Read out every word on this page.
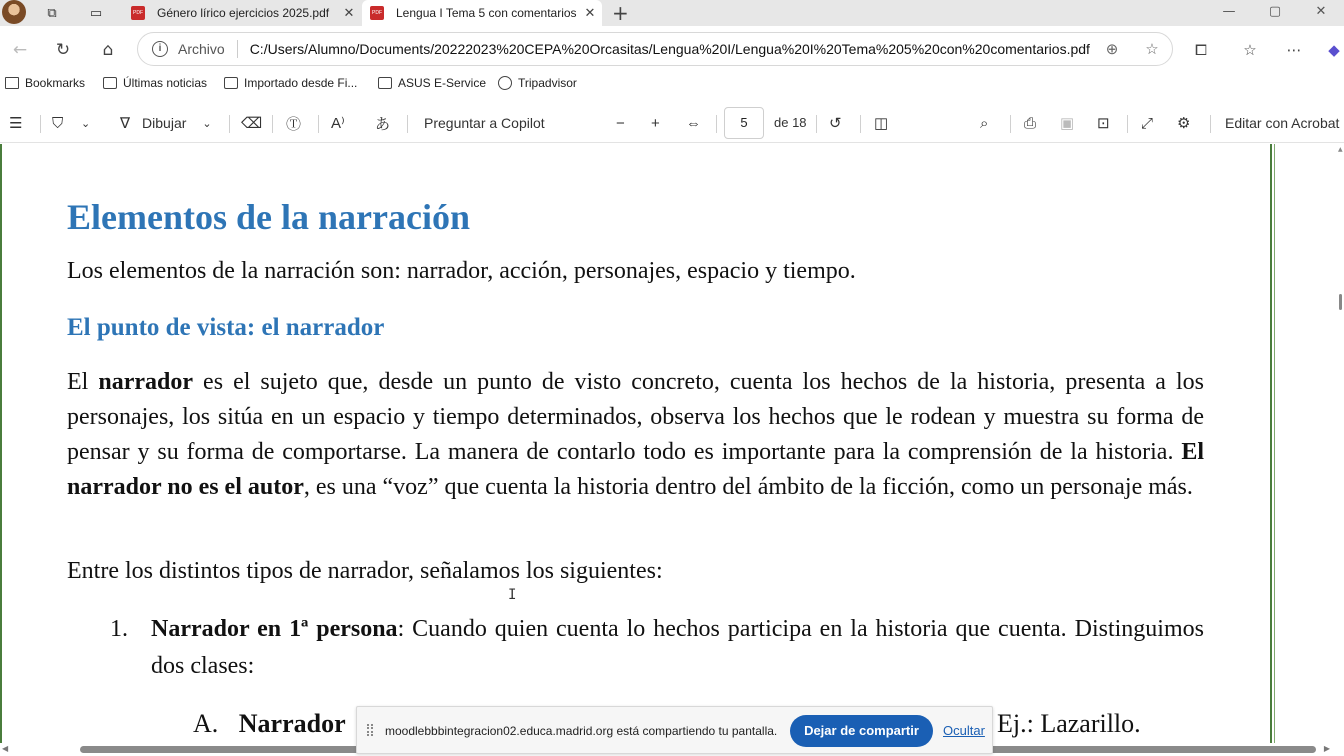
⧉	▭	PDF Género lírico ejercicios 2025.pdf	✕	PDF Lengua I Tema 5 con comentarios ✕ +	—	▢	✕
← ↻	⌂	i	Archivo C:/Users/Alumno/Documents/20222023%20CEPA%20Orcasitas/Lengua%20I/Lengua%20I%20Tema%205%20con%20comentarios.pdf	⊕	☆	⧠	☆ ⋯	◆
Bookmarks	Últimas noticias	Importado desde Fi...	ASUS E-Service	Tripadvisor
☰ ⛉ ⌄ ∇ Dibujar ⌄ ⌫ Ⓣ A⁾ あ Preguntar a Copilot	− + ⇔	5	de 18 ↺ ◫	⌕ ⎙ ▣ ⊡ ⤢ ⚙ Editar con Acrobat
Elementos de la narración
Los elementos de la narración son: narrador, acción, personajes, espacio y tiempo.
El punto de vista: el narrador
El narrador es el sujeto que, desde un punto de visto concreto, cuenta los hechos de la historia, presenta a los personajes, los sitúa en un espacio y tiempo determinados, observa los hechos que le rodean y muestra su forma de pensar y su forma de comportarse. La manera de contarlo todo es importante para la comprensión de la historia. El narrador no es el autor, es una “voz” que cuenta la historia dentro del ámbito de la ficción, como un personaje más.
Entre los distintos tipos de narrador, señalamos los siguientes:
1. Narrador en 1ª persona: Cuando quien cuenta lo hechos participa en la historia que cuenta. Distinguimos dos clases:
A. Narrador	Ej.: Lazarillo.
I
▲
◀	▶
moodlebbbintegracion02.educa.madrid.org está compartiendo tu pantalla.	Dejar de compartir	Ocultar
